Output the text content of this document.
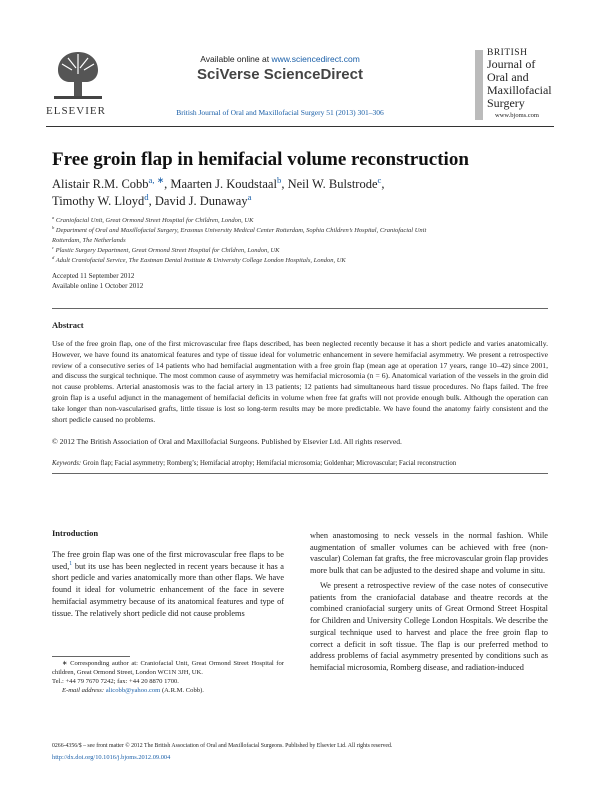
ELSEVIER
Available online at www.sciencedirect.com
SciVerse ScienceDirect
British Journal of Oral and Maxillofacial Surgery 51 (2013) 301–306
BRITISH
Journal of
Oral and
Maxillofacial
Surgery
www.bjoms.com
Free groin flap in hemifacial volume reconstruction
Alistair R.M. Cobb$^{a, ∗}$, Maarten J. Koudstaal$^b$, Neil W. Bulstrode$^c$,
Timothy W. Lloyd$^d$, David J. Dunaway$^a$
$^a$ Craniofacial Unit, Great Ormond Street Hospital for Children, London, UK
$^b$ Department of Oral and Maxillofacial Surgery, Erasmus University Medical Center Rotterdam, Sophia Children’s Hospital, Craniofacial Unit
Rotterdam, The Netherlands
$^c$ Plastic Surgery Department, Great Ormond Street Hospital for Children, London, UK
$^d$ Adult Craniofacial Service, The Eastman Dental Institute & University College London Hospitals, London, UK
Accepted 11 September 2012
Available online 1 October 2012
Abstract
Use of the free groin flap, one of the first microvascular free flaps described, has been neglected recently because it has a short pedicle and varies anatomically. However, we have found its anatomical features and type of tissue ideal for volumetric enhancement in severe hemifacial asymmetry. We present a retrospective review of a consecutive series of 14 patients who had hemifacial augmentation with a free groin flap (mean age at operation 17 years, range 10–42) since 2001, and discuss the surgical technique. The most common cause of asymmetry was hemifacial microsomia (n = 6). Anatomical variation of the vessels in the groin did not cause problems. Arterial anastomosis was to the facial artery in 13 patients; 12 patients had simultaneous hard tissue procedures. No flaps failed. The free groin flap is a useful adjunct in the management of hemifacial deficits in volume when free fat grafts will not provide enough bulk. Although the operation can take longer than non-vascularised grafts, little tissue is lost so long-term results may be more predictable. We have found the anatomy fairly consistent and the short pedicle caused no problems.
© 2012 The British Association of Oral and Maxillofacial Surgeons. Published by Elsevier Ltd. All rights reserved.
Keywords: Groin flap; Facial asymmetry; Romberg’s; Hemifacial atrophy; Hemifacial microsomia; Goldenhar; Microvascular; Facial reconstruction
Introduction
The free groin flap was one of the first microvascular free flaps to be used,$^1$ but its use has been neglected in recent years because it has a short pedicle and varies anatomically more than other flaps. We have found it ideal for volumetric enhancement of the face in severe hemifacial asymmetry because of its anatomical features and type of tissue. The relatively short pedicle did not cause problems
when anastomosing to neck vessels in the normal fashion. While augmentation of smaller volumes can be achieved with free (non-vascular) Coleman fat grafts, the free microvascular groin flap provides more bulk that can be adjusted to the desired shape and volume in situ.
We present a retrospective review of the case notes of consecutive patients from the craniofacial database and theatre records at the combined craniofacial surgery units of Great Ormond Street Hospital for Children and University College London Hospitals. We describe the surgical technique used to harvest and place the free groin flap to correct a deficit in soft tissue. The flap is our preferred method to address problems of facial asymmetry presented by conditions such as hemifacial microsomia, Romberg disease, and radiation-induced
∗ Corresponding author at: Craniofacial Unit, Great Ormond Street Hospital for children, Great Ormond Street, London WC1N 3JH, UK.
Tel.: +44 79 7670 7242; fax: +44 20 8870 1700.
E-mail address: alicobb@yahoo.com (A.R.M. Cobb).
0266-4356/$ – see front matter © 2012 The British Association of Oral and Maxillofacial Surgeons. Published by Elsevier Ltd. All rights reserved.
http://dx.doi.org/10.1016/j.bjoms.2012.09.004
